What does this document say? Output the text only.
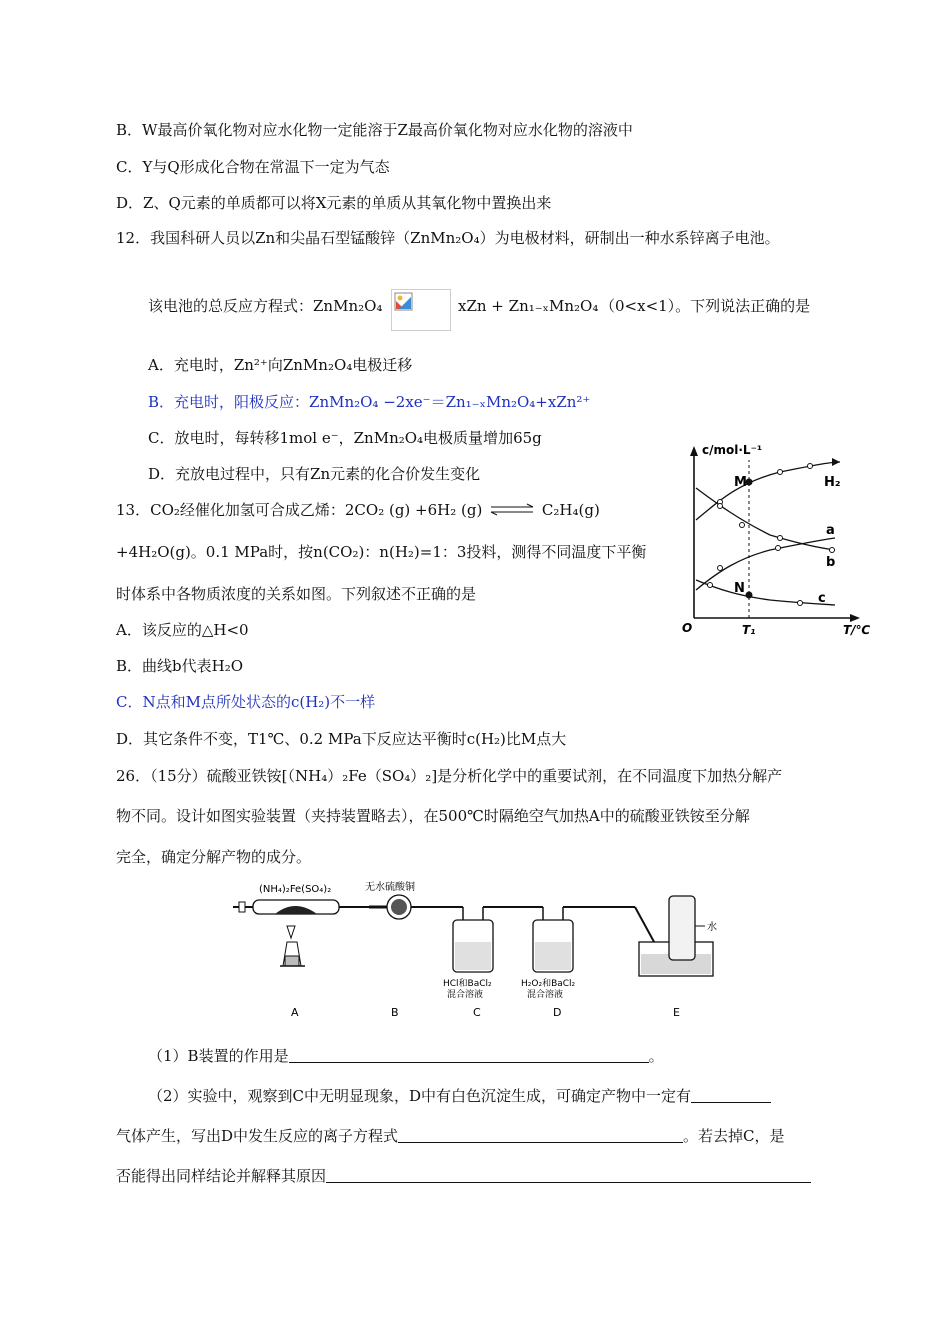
B．W最高价氧化物对应水化物一定能溶于Z最高价氧化物对应水化物的溶液中
C．Y与Q形成化合物在常温下一定为气态
D．Z、Q元素的单质都可以将X元素的单质从其氧化物中置换出来
12．我国科研人员以Zn和尖晶石型锰酸锌（ZnMn₂O₄）为电极材料，研制出一种水系锌离子电池。
该电池的总反应方程式：ZnMn₂O₄	xZn + Zn₁₋ₓMn₂O₄ （0<x<1）。下列说法正确的是
A．充电时，Zn²⁺向ZnMn₂O₄电极迁移
B．充电时，阳极反应：ZnMn₂O₄ −2xe⁻＝Zn₁₋ₓMn₂O₄+xZn²⁺
C．放电时，每转移1mol e⁻，ZnMn₂O₄电极质量增加65g
D．充放电过程中，只有Zn元素的化合价发生变化
13．CO₂经催化加氢可合成乙烯：2CO₂ (g) +6H₂ (g) ⇌ C₂H₄(g)
+4H₂O(g)。0.1 MPa时，按n(CO₂)：n(H₂)=1：3投料，测得不同温度下平衡
时体系中各物质浓度的关系如图。下列叙述不正确的是
A．该反应的△H<0
B．曲线b代表H₂O
C．N点和M点所处状态的c(H₂)不一样
D．其它条件不变，T1℃、0.2 MPa下反应达平衡时c(H₂)比M点大
c/mol·L⁻¹
T/℃
O	T₁
H₂
a
b
c
M
N
26．（15分）硫酸亚铁铵[（NH₄）₂Fe（SO₄）₂]是分析化学中的重要试剂，在不同温度下加热分解产
物不同。设计如图实验装置（夹持装置略去），在500℃时隔绝空气加热A中的硫酸亚铁铵至分解
完全，确定分解产物的成分。
(NH₄)₂Fe(SO₄)₂	无水硫酸铜
HCl和BaCl₂
混合溶液
H₂O₂和BaCl₂
混合溶液
水
A	B	C	D	E
（1）B装置的作用是	。
（2）实验中，观察到C中无明显现象，D中有白色沉淀生成，可确定产物中一定有
气体产生，写出D中发生反应的离子方程式	。若去掉C，是
否能得出同样结论并解释其原因
